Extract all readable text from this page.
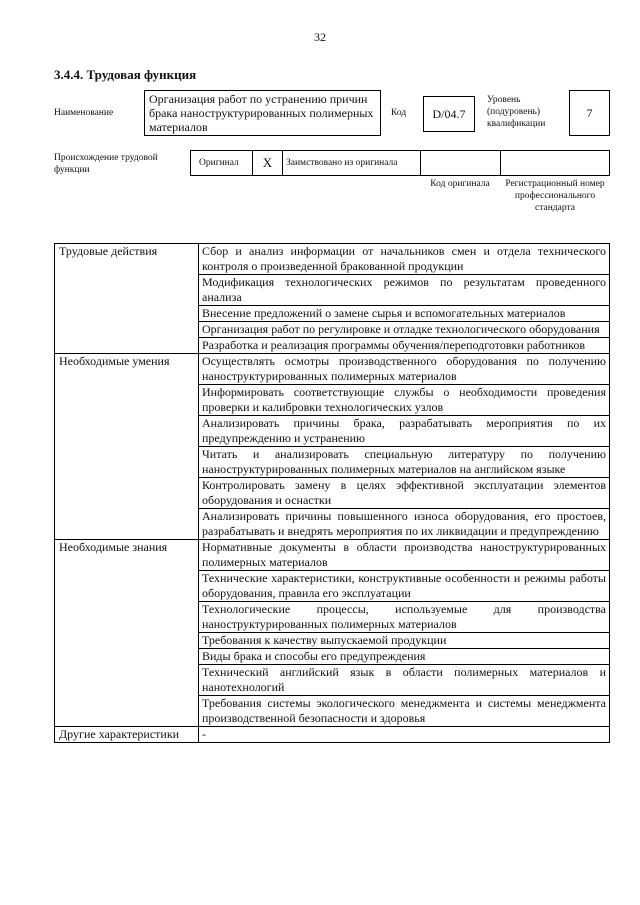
32
3.4.4. Трудовая функция
Наименование
Организация работ по устранению причин брака наноструктурированных полимерных материалов
Код	D/04.7
Уровень (подуровень) квалификации
7
Происхождение трудовой функции
Оригинал	X	Заимствовано из оригинала
Код оригинала	Регистрационный номер профессионального стандарта
Трудовые действия	Сбор и анализ информации от начальников смен и отдела технического контроля о произведенной бракованной продукции
	Модификация технологических режимов по результатам проведенного анализа
	Внесение предложений о замене сырья и вспомогательных материалов
	Организация работ по регулировке и отладке технологического оборудования
	Разработка и реализация программы обучения/переподготовки работников
Необходимые умения	Осуществлять осмотры производственного оборудования по получению наноструктурированных полимерных материалов
	Информировать соответствующие службы о необходимости проведения проверки и калибровки технологических узлов
	Анализировать причины брака, разрабатывать мероприятия по их предупреждению и устранению
	Читать и анализировать специальную литературу по получению наноструктурированных полимерных материалов на английском языке
	Контролировать замену в целях эффективной эксплуатации элементов оборудования и оснастки
	Анализировать причины повышенного износа оборудования, его простоев, разрабатывать и внедрять мероприятия по их ликвидации и предупреждению
Необходимые знания	Нормативные документы в области производства наноструктурированных полимерных материалов
	Технические характеристики, конструктивные особенности и режимы работы оборудования, правила его эксплуатации
	Технологические процессы, используемые для производства наноструктурированных полимерных материалов
	Требования к качеству выпускаемой продукции
	Виды брака и способы его предупреждения
	Технический английский язык в области полимерных материалов и нанотехнологий
	Требования системы экологического менеджмента и системы менеджмента производственной безопасности и здоровья
Другие характеристики	-
